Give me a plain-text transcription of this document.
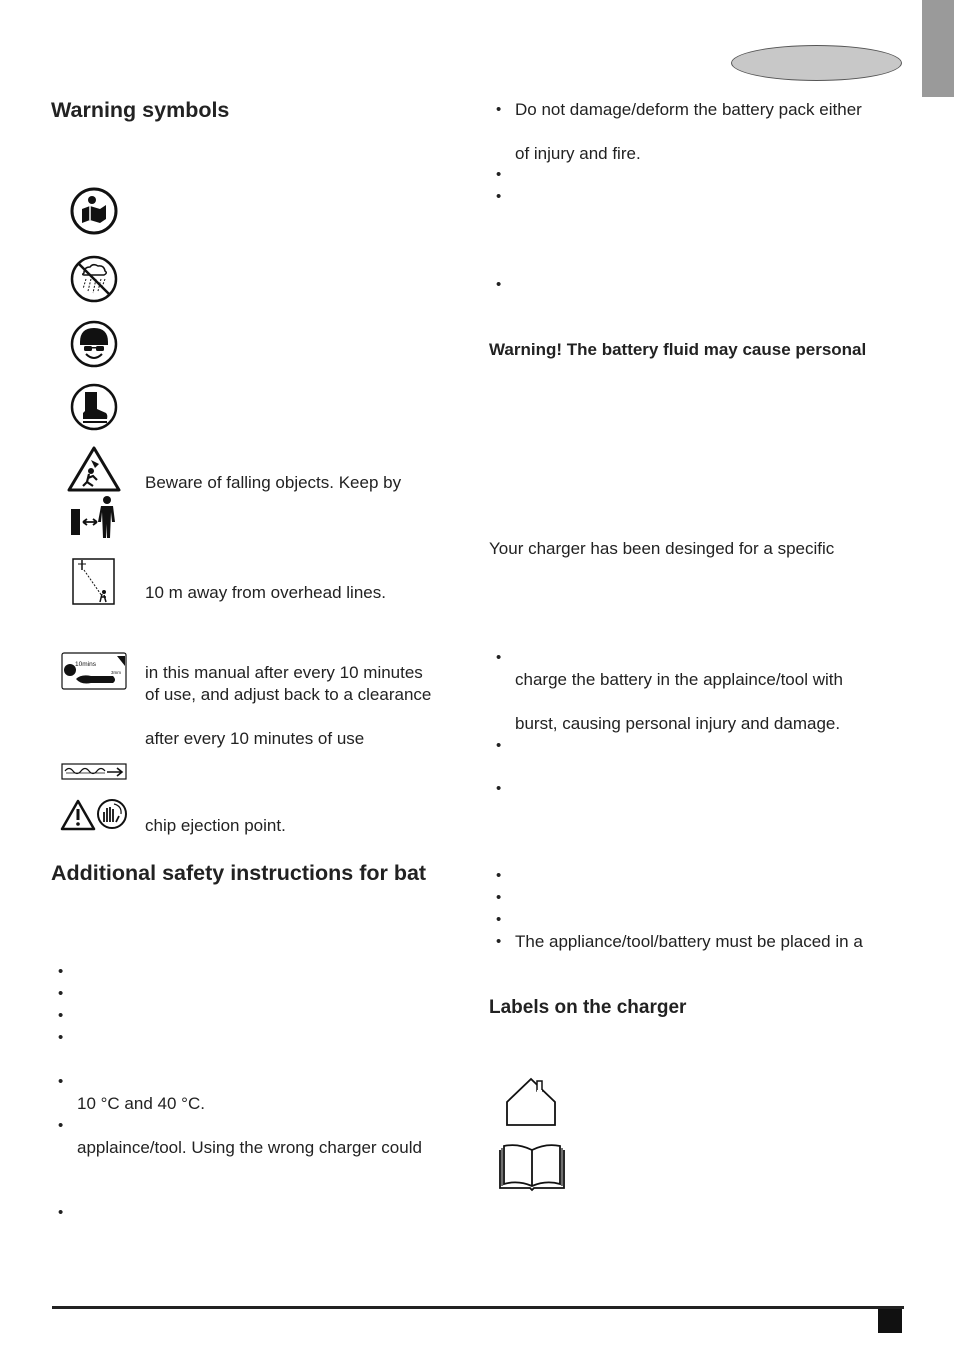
Warning symbols
Beware of falling objects. Keep by
10 m away from overhead lines.
10mins
3mm in this manual after every 10 minutes
of use, and adjust back to a clearance
after every 10 minutes of use
chip ejection point.
Additional safety instructions for bat
•
•
•
•
•
10 °C and 40 °C.
•
applaince/tool. Using the wrong charger could
•
• Do not damage/deform the battery pack either
of injury and fire.
•
•
•
Warning! The battery fluid may cause personal
Your charger has been desinged for a specific
•
charge the battery in the applaince/tool with
burst, causing personal injury and damage.
•
•
•
•
•
• The appliance/tool/battery must be placed in a
Labels on the charger
